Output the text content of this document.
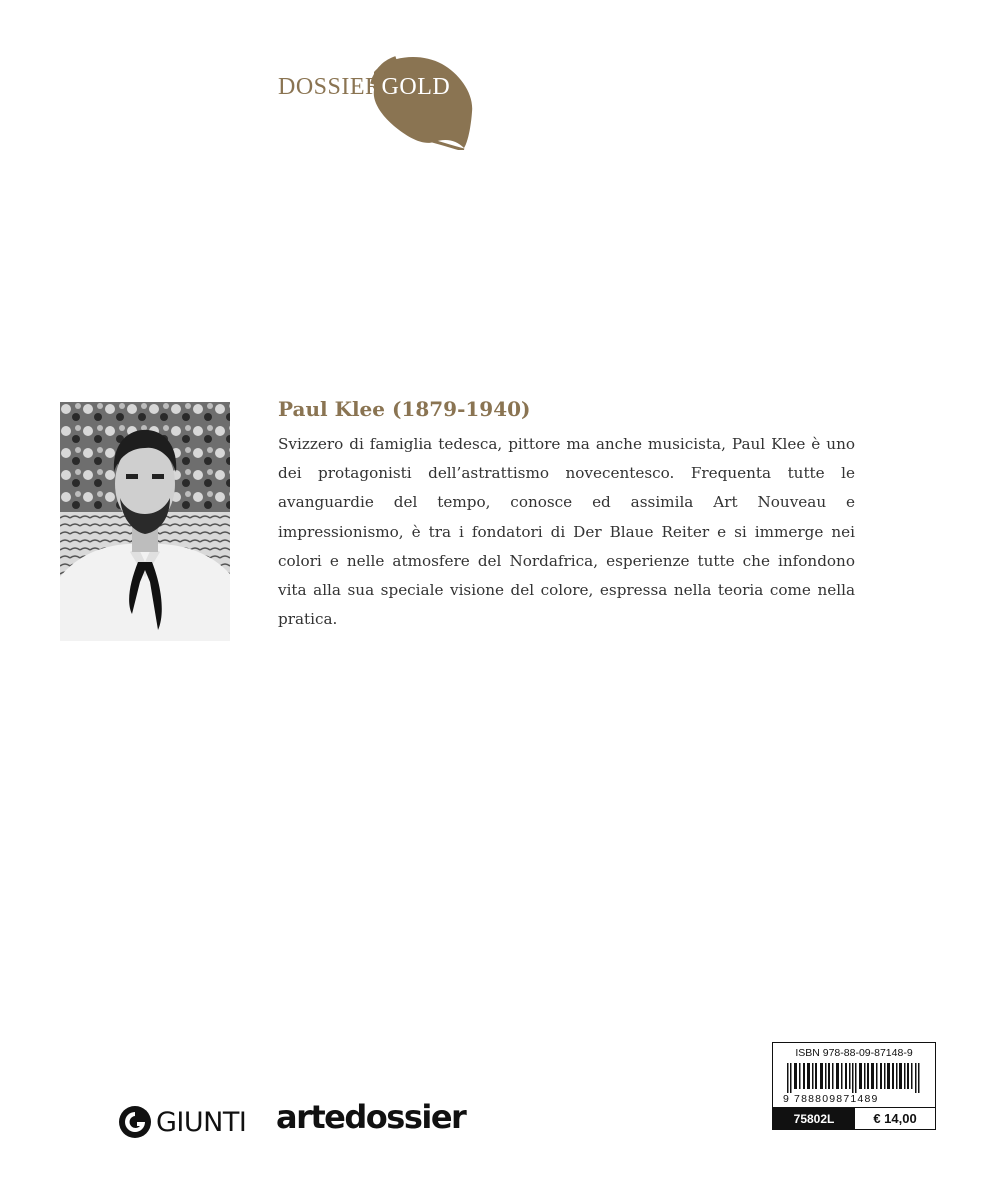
DOSSIERGOLD
Paul Klee (1879-1940)

Svizzero di famiglia tedesca, pittore ma anche musicista, Paul Klee è uno dei protagonisti dell’astrattismo novecentesco. Frequenta tutte le avanguardie del tempo, conosce ed assimila Art Nouveau e impressionismo, è tra i fondatori di Der Blaue Reiter e si immerge nei colori e nelle atmosfere del Nordafrica, esperienze tutte che infondono vita alla sua speciale visione del colore, espressa nella teoria come nella pratica.

GIUNTI artedossier
ISBN 978-88-09-87148-9
9 788809871489
75802L	€ 14,00
